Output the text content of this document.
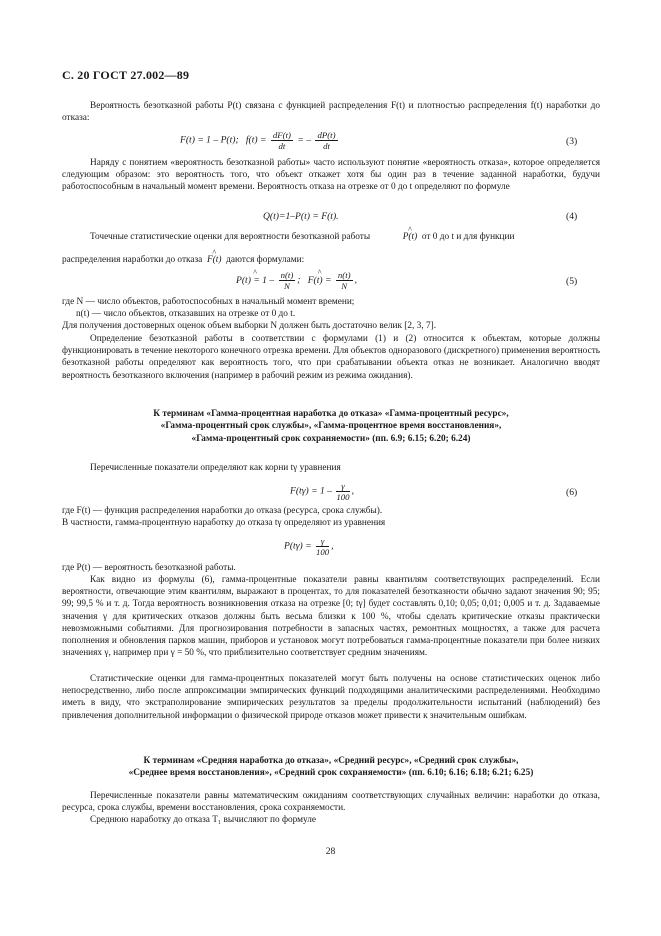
С. 20 ГОСТ 27.002—89

Вероятность безотказной работы P(t) связана с функцией распределения F(t) и плотностью распределения f(t) наработки до отказа:

F(t) = 1 – P(t); $f(t) = \frac{dF(t)}{dt}$ = – $\frac{dP(t)}{dt}$	(3)

Наряду с понятием «вероятность безотказной работы» часто используют понятие «вероятность отказа», которое определяется следующим образом: это вероятность того, что объект откажет хотя бы один раз в течение заданной наработки, будучи работоспособным в начальный момент времени. Вероятность отказа на отрезке от 0 до t определяют по формуле

Q(t)=1–P(t) = F(t).	(4)
Точечные статистические оценки для вероятности безотказной работы	^ P(t) от 0 до t и для функции
распределения наработки до отказа ^ F(t) даются формулами:
^ $P(t) = 1 - \frac{n(t)}{N}$ ;   ^ $F(t) = \frac{n(t)}{N}$ ,	(5)
где N — число объектов, работоспособных в начальный момент времени;
n(t) — число объектов, отказавших на отрезке от 0 до t.
Для получения достоверных оценок объем выборки N должен быть достаточно велик [2, 3, 7].

Определение безотказной работы в соответствии с формулами (1) и (2) относится к объектам, которые должны функционировать в течение некоторого конечного отрезка времени. Для объектов одноразового (дискретного) применения вероятность безотказной работы определяют как вероятность того, что при срабатывании объекта отказ не возникает. Аналогично вводят вероятность безотказного включения (например в рабочий режим из режима ожидания).

К терминам «Гамма-процентная наработка до отказа» «Гамма-процентный ресурс»,
«Гамма-процентный срок службы», «Гамма-процентное время восстановления»,
«Гамма-процентный срок сохраняемости» (пп. 6.9; 6.15; 6.20; 6.24)

Перечисленные показатели определяют как корни tγ уравнения

$F(t\gamma) = 1 - \frac{\gamma}{100}$ ,	(6)
где F(t) — функция распределения наработки до отказа (ресурса, срока службы).
В частности, гамма-процентную наработку до отказа tγ определяют из уравнения
$P(t\gamma) = \frac{\gamma}{100}$ ,
где P(t) — вероятность безотказной работы.

Как видно из формулы (6), гамма-процентные показатели равны квантилям соответствующих распределений. Если вероятности, отвечающие этим квантилям, выражают в процентах, то для показателей безотказности обычно задают значения 90; 95; 99; 99,5 % и т. д. Тогда вероятность возникновения отказа на отрезке [0; tγ] будет составлять 0,10; 0,05; 0,01; 0,005 и т. д. Задаваемые значения γ для критических отказов должны быть весьма близки к 100 %, чтобы сделать критические отказы практически невозможными событиями. Для прогнозирования потребности в запасных частях, ремонтных мощностях, а также для расчета пополнения и обновления парков машин, приборов и установок могут потребоваться гамма-процентные показатели при более низких значениях γ, например при γ = 50 %, что приблизительно соответствует средним значениям.

Статистические оценки для гамма-процентных показателей могут быть получены на основе статистических оценок либо непосредственно, либо после аппроксимации эмпирических функций подходящими аналитическими распределениями. Необходимо иметь в виду, что экстраполирование эмпирических результатов за пределы продолжительности испытаний (наблюдений) без привлечения дополнительной информации о физической природе отказов может привести к значительным ошибкам.

К терминам «Средняя наработка до отказа», «Средний ресурс», «Средний срок службы»,
«Среднее время восстановления», «Средний срок сохраняемости» (пп. 6.10; 6.16; 6.18; 6.21; 6.25)

Перечисленные показатели равны математическим ожиданиям соответствующих случайных величин: наработки до отказа, ресурса, срока службы, времени восстановления, срока сохраняемости.

Среднюю наработку до отказа T₁ вычисляют по формуле

28
